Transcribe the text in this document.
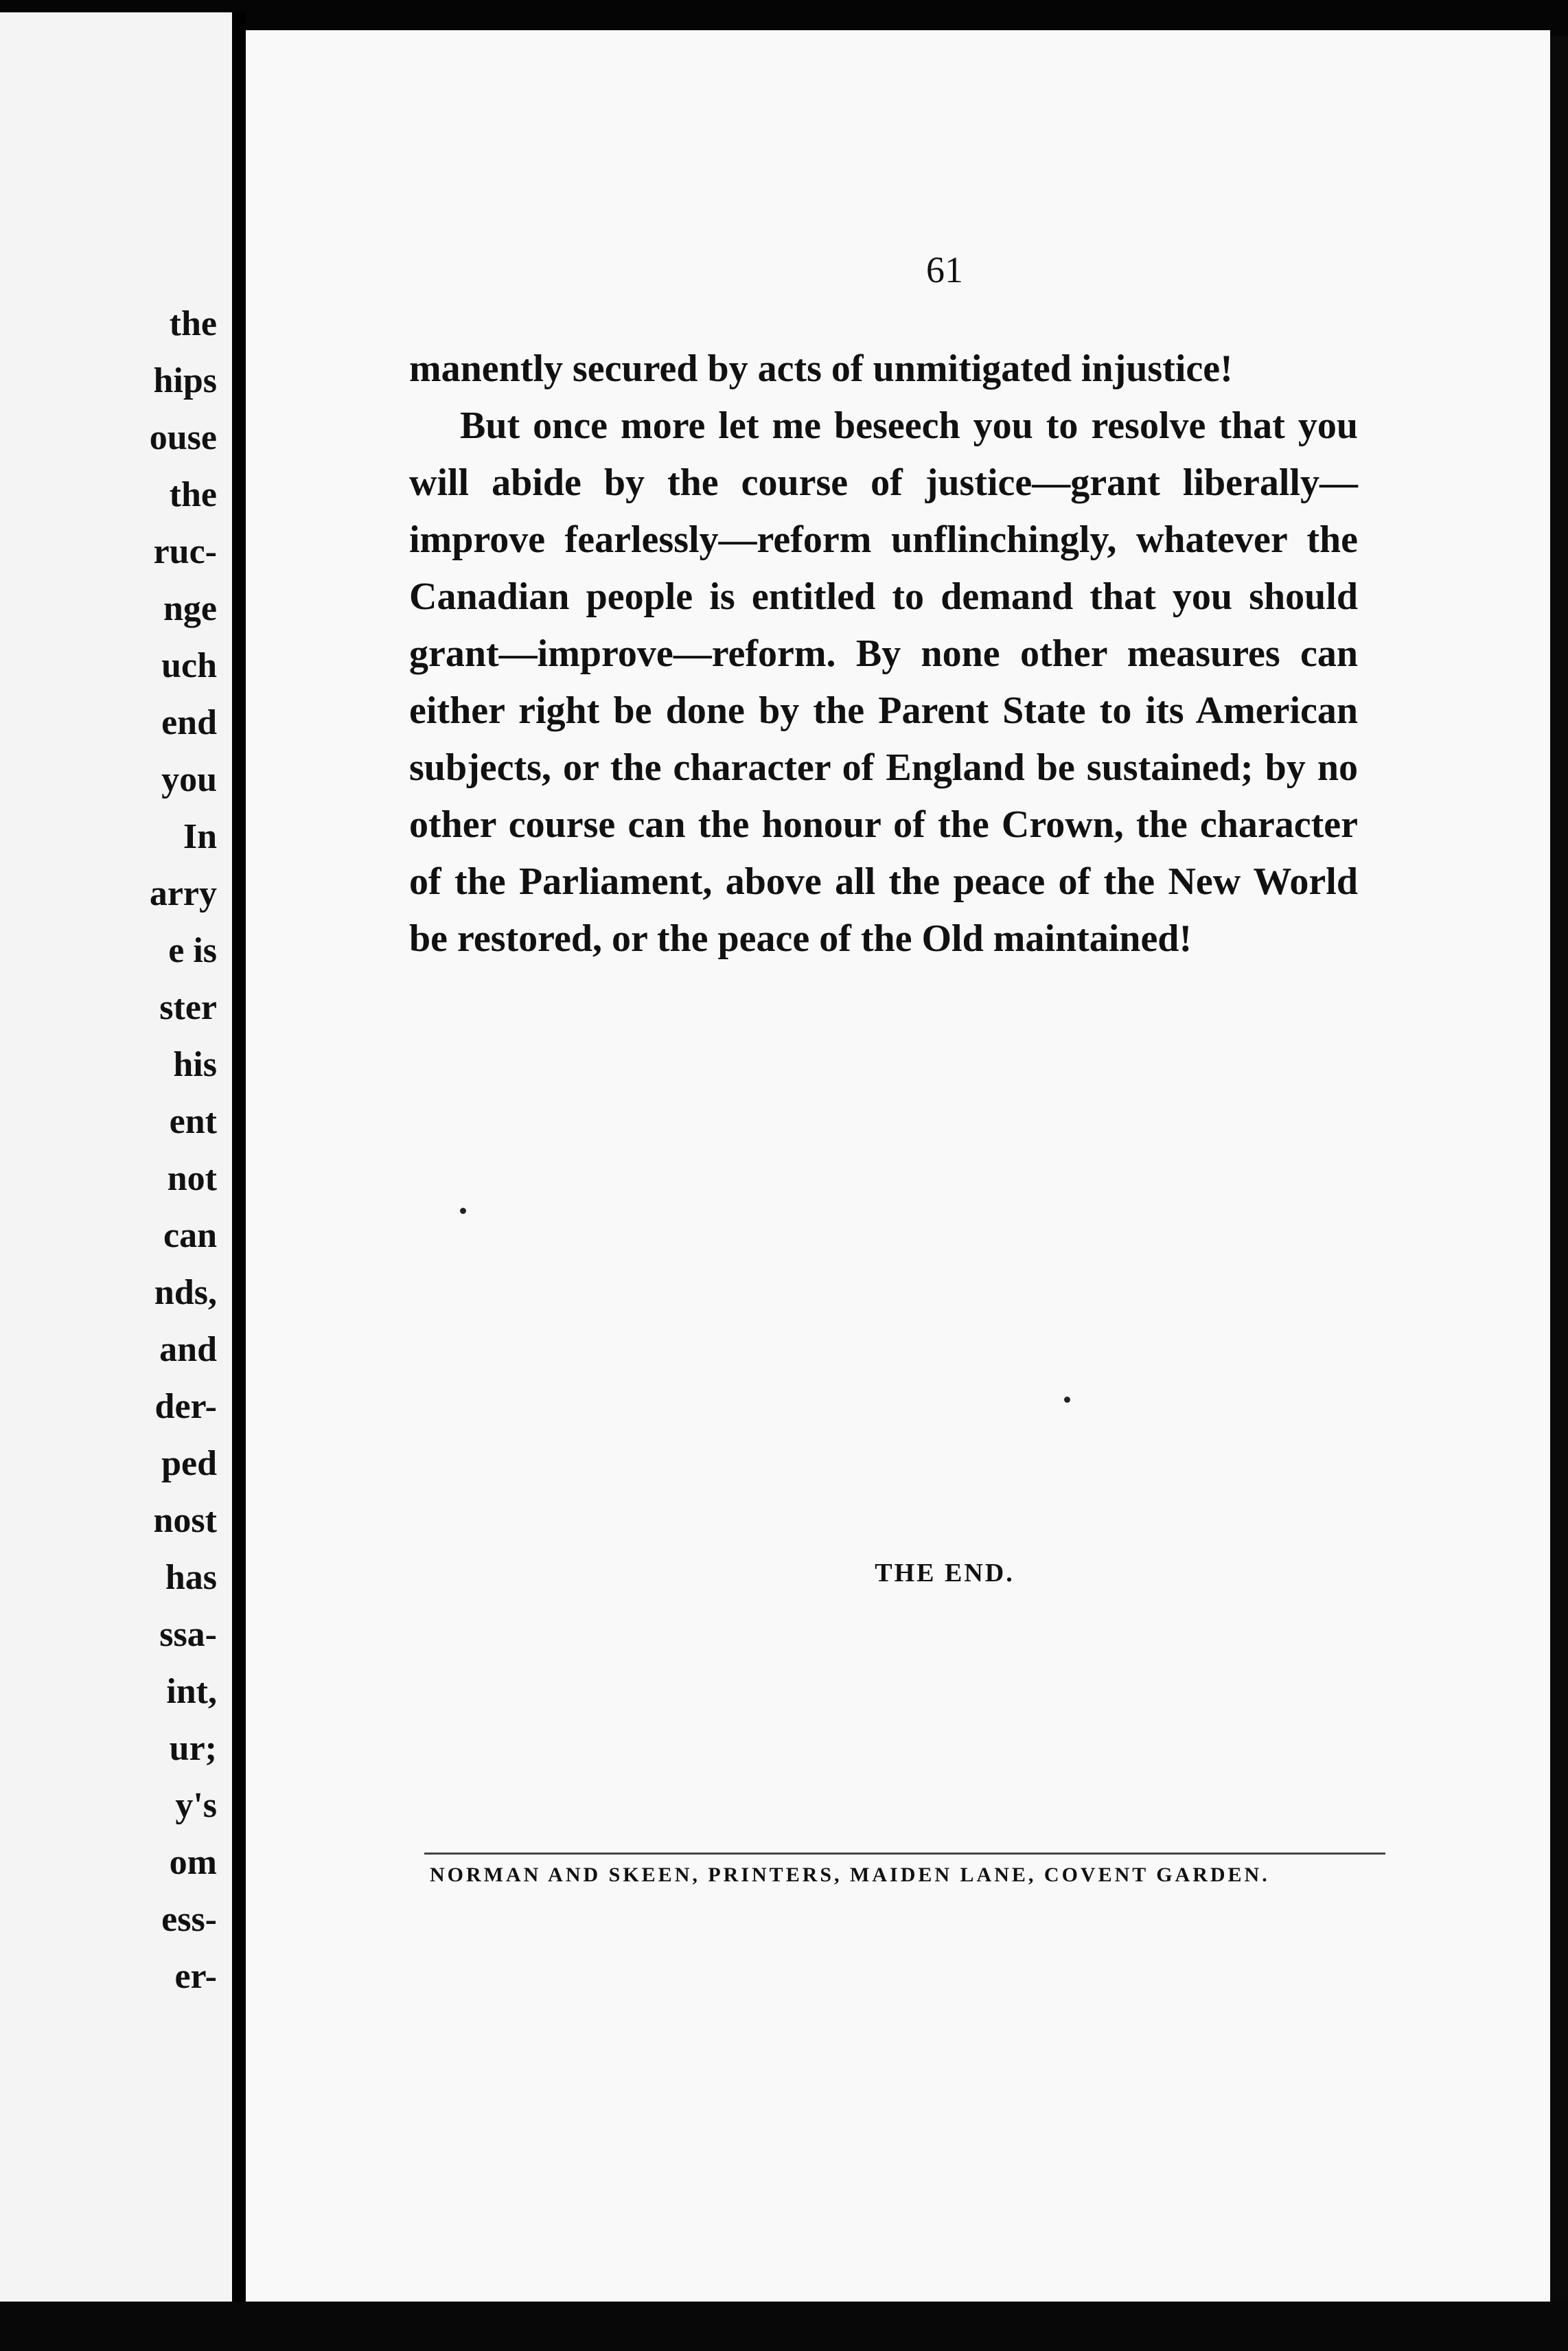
the
hips
ouse
the
ruc-
nge
uch
end
you
In
arry
e is
ster
his
ent
not
can
nds,
and
der-
ped
nost
has
ssa-
int,
ur;
y's
om
ess-
er-
61

manently secured by acts of unmitigated injustice!

But once more let me beseech you to resolve that you will abide by the course of justice—grant liberally—improve fearlessly—reform unflinchingly, whatever the Canadian people is entitled to demand that you should grant—improve—reform. By none other measures can either right be done by the Parent State to its American subjects, or the character of England be sustained; by no other course can the honour of the Crown, the character of the Parliament, above all the peace of the New World be restored, or the peace of the Old maintained!

THE END.
NORMAN AND SKEEN, PRINTERS, MAIDEN LANE, COVENT GARDEN.
